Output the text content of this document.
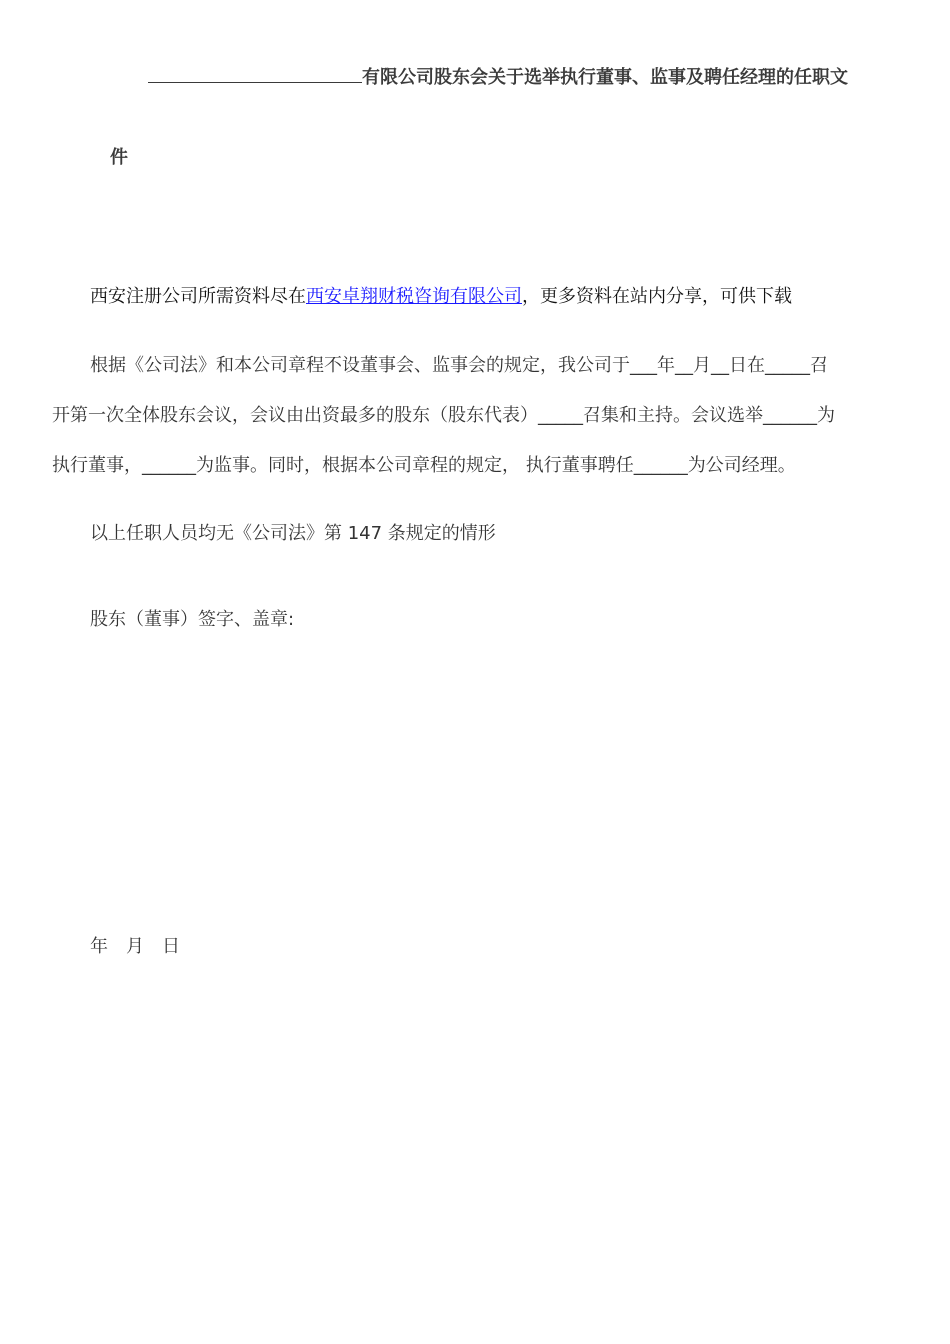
有限公司股东会关于选举执行董事、监事及聘任经理的任职文
件
西安注册公司所需资料尽在西安卓翔财税咨询有限公司，更多资料在站内分享，可供下载
根据《公司法》和本公司章程不设董事会、监事会的规定，我公司于___年__月__日在_____召
开第一次全体股东会议，会议由出资最多的股东（股东代表）_____召集和主持。会议选举______为
执行董事，______为监事。同时，根据本公司章程的规定， 执行董事聘任______为公司经理。
以上任职人员均无《公司法》第 147 条规定的情形
股东（董事）签字、盖章:
年 月 日
